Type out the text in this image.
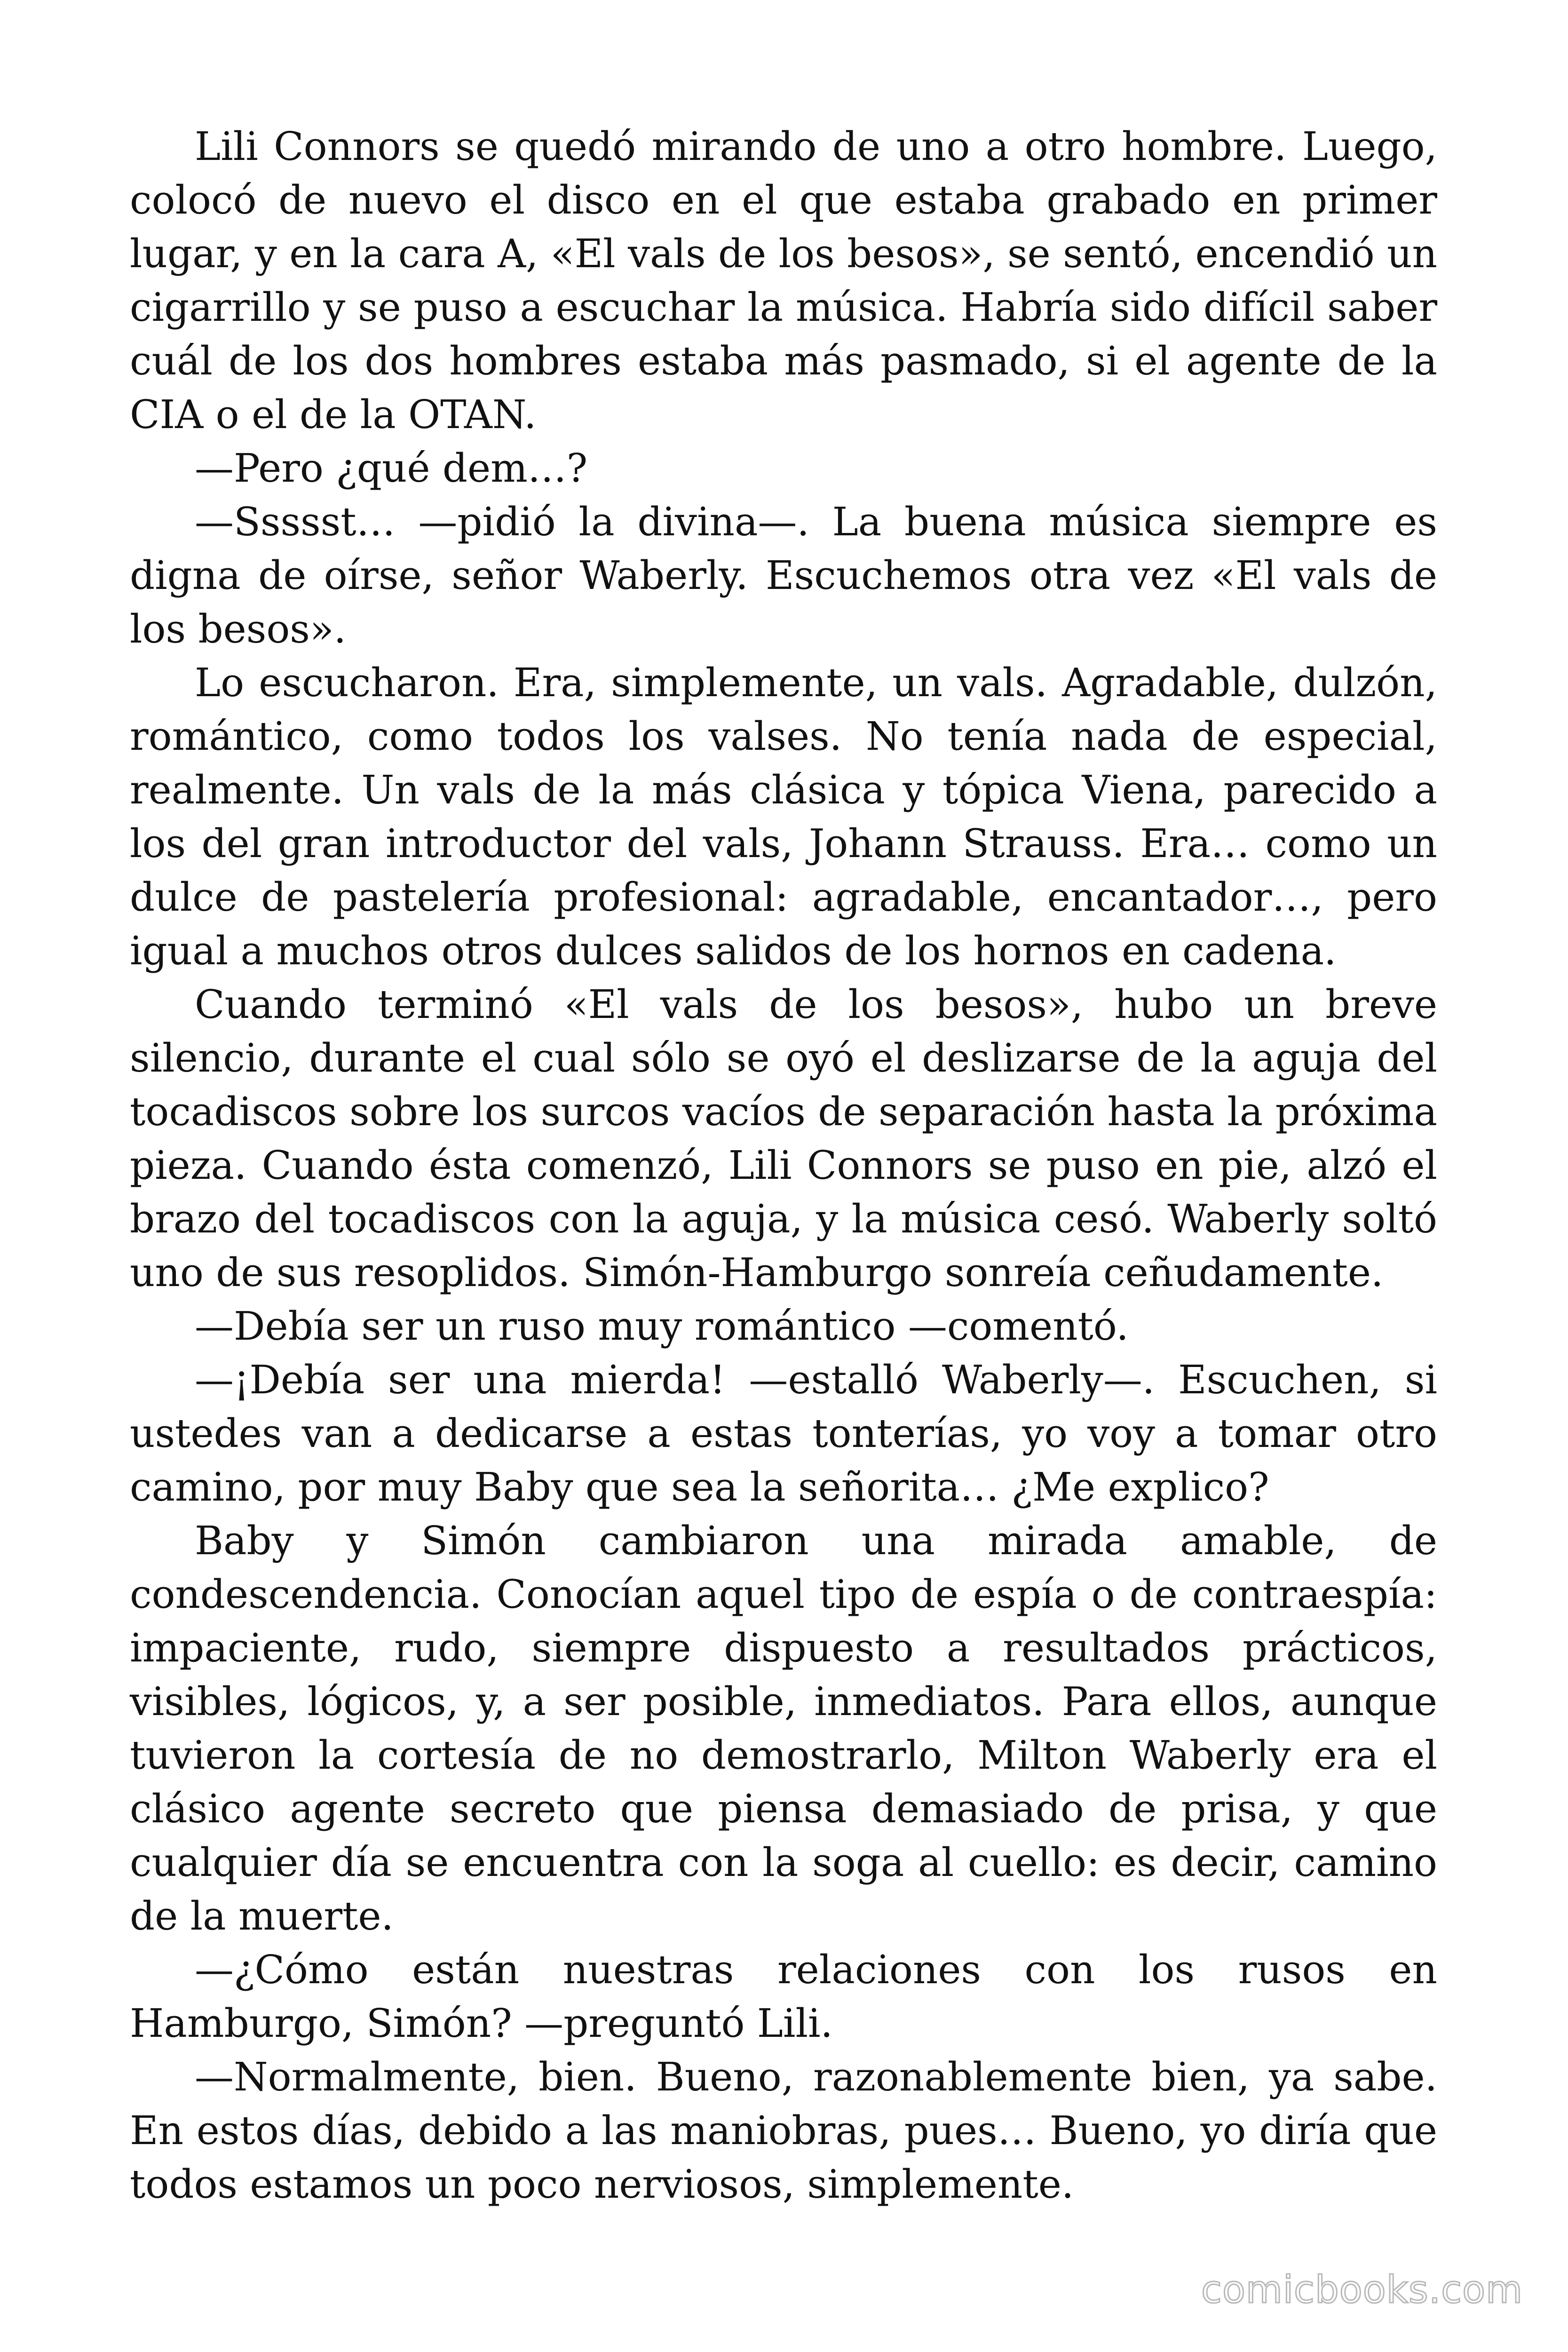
Lili Connors se quedó mirando de uno a otro hombre. Luego, colocó de nuevo el disco en el que estaba grabado en primer lugar, y en la cara A, «El vals de los besos», se sentó, encendió un cigarrillo y se puso a escuchar la música. Habría sido difícil saber cuál de los dos hombres estaba más pasmado, si el agente de la CIA o el de la OTAN.

—Pero ¿qué dem…?

—Ssssst… —pidió la divina—. La buena música siempre es digna de oírse, señor Waberly. Escuchemos otra vez «El vals de los besos».

Lo escucharon. Era, simplemente, un vals. Agradable, dulzón, romántico, como todos los valses. No tenía nada de especial, realmente. Un vals de la más clásica y tópica Viena, parecido a los del gran introductor del vals, Johann Strauss. Era… como un dulce de pastelería profesional: agradable, encantador…, pero igual a muchos otros dulces salidos de los hornos en cadena.

Cuando terminó «El vals de los besos», hubo un breve silencio, durante el cual sólo se oyó el deslizarse de la aguja del tocadiscos sobre los surcos vacíos de separación hasta la próxima pieza. Cuando ésta comenzó, Lili Connors se puso en pie, alzó el brazo del tocadiscos con la aguja, y la música cesó. Waberly soltó uno de sus resoplidos. Simón-Hamburgo sonreía ceñudamente.

—Debía ser un ruso muy romántico —comentó.

—¡Debía ser una mierda! —estalló Waberly—. Escuchen, si ustedes van a dedicarse a estas tonterías, yo voy a tomar otro camino, por muy Baby que sea la señorita… ¿Me explico?

Baby y Simón cambiaron una mirada amable, de condescendencia. Conocían aquel tipo de espía o de contraespía: impaciente, rudo, siempre dispuesto a resultados prácticos, visibles, lógicos, y, a ser posible, inmediatos. Para ellos, aunque tuvieron la cortesía de no demostrarlo, Milton Waberly era el clásico agente secreto que piensa demasiado de prisa, y que cualquier día se encuentra con la soga al cuello: es decir, camino de la muerte.

—¿Cómo están nuestras relaciones con los rusos en Hamburgo, Simón? —preguntó Lili.

—Normalmente, bien. Bueno, razonablemente bien, ya sabe. En estos días, debido a las maniobras, pues… Bueno, yo diría que todos estamos un poco nerviosos, simplemente.

comicbooks.com
